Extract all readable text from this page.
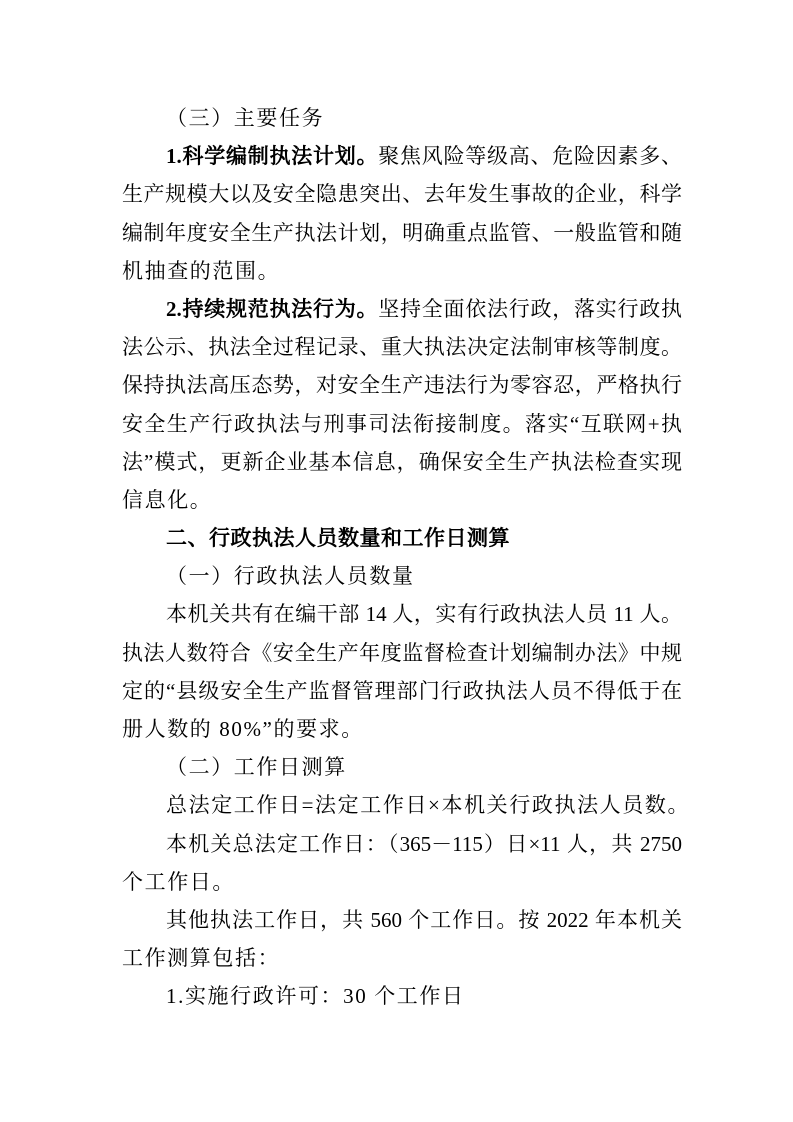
（三）主要任务
1.科学编制执法计划。聚焦风险等级高、危险因素多、
生产规模大以及安全隐患突出、去年发生事故的企业，科学
编制年度安全生产执法计划，明确重点监管、一般监管和随
机抽查的范围。
2.持续规范执法行为。坚持全面依法行政，落实行政执
法公示、执法全过程记录、重大执法决定法制审核等制度。
保持执法高压态势，对安全生产违法行为零容忍，严格执行
安全生产行政执法与刑事司法衔接制度。落实“互联网+执
法”模式，更新企业基本信息，确保安全生产执法检查实现
信息化。
二、行政执法人员数量和工作日测算
（一）行政执法人员数量
本机关共有在编干部 14 人，实有行政执法人员 11 人。
执法人数符合《安全生产年度监督检查计划编制办法》中规
定的“县级安全生产监督管理部门行政执法人员不得低于在
册人数的 80%”的要求。
（二）工作日测算
总法定工作日=法定工作日×本机关行政执法人员数。
本机关总法定工作日：（365－115）日×11 人，共 2750
个工作日。
其他执法工作日，共 560 个工作日。按 2022 年本机关
工作测算包括：
1.实施行政许可：30 个工作日
